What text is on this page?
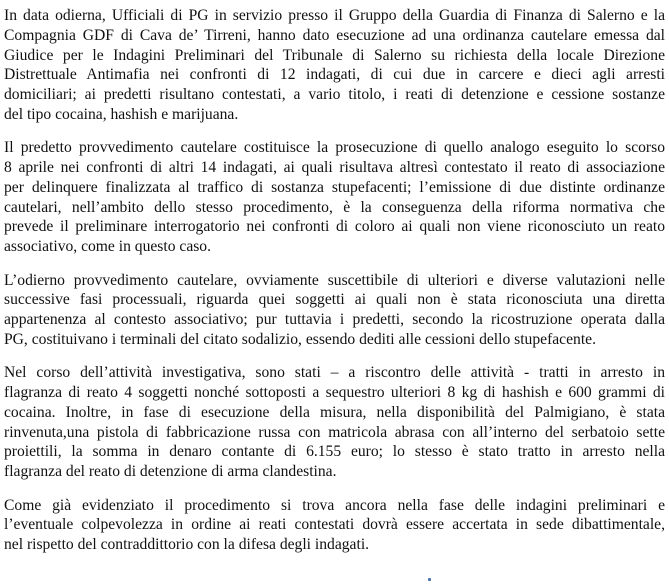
In data odierna, Ufficiali di PG in servizio presso il Gruppo della Guardia di Finanza di Salerno e la
Compagnia GDF di Cava de’ Tirreni, hanno dato esecuzione ad una ordinanza cautelare emessa dal
Giudice per le Indagini Preliminari del Tribunale di Salerno su richiesta della locale Direzione
Distrettuale Antimafia nei confronti di 12 indagati, di cui due in carcere e dieci agli arresti
domiciliari; ai predetti risultano contestati, a vario titolo, i reati di detenzione e cessione sostanze
del tipo cocaina, hashish e marijuana.

Il predetto provvedimento cautelare costituisce la prosecuzione di quello analogo eseguito lo scorso
8 aprile nei confronti di altri 14 indagati, ai quali risultava altresì contestato il reato di associazione
per delinquere finalizzata al traffico di sostanza stupefacenti; l’emissione di due distinte ordinanze
cautelari, nell’ambito dello stesso procedimento, è la conseguenza della riforma normativa che
prevede il preliminare interrogatorio nei confronti di coloro ai quali non viene riconosciuto un reato
associativo, come in questo caso.

L’odierno provvedimento cautelare, ovviamente suscettibile di ulteriori e diverse valutazioni nelle
successive fasi processuali, riguarda quei soggetti ai quali non è stata riconosciuta una diretta
appartenenza al contesto associativo; pur tuttavia i predetti, secondo la ricostruzione operata dalla
PG, costituivano i terminali del citato sodalizio, essendo dediti alle cessioni dello stupefacente.

Nel corso dell’attività investigativa, sono stati – a riscontro delle attività - tratti in arresto in
flagranza di reato 4 soggetti nonché sottoposti a sequestro ulteriori 8 kg di hashish e 600 grammi di
cocaina. Inoltre, in fase di esecuzione della misura, nella disponibilità del Palmigiano, è stata
rinvenuta,una pistola di fabbricazione russa con matricola abrasa con all’interno del serbatoio sette
proiettili, la somma in denaro contante di 6.155 euro; lo stesso è stato tratto in arresto nella
flagranza del reato di detenzione di arma clandestina.

Come già evidenziato il procedimento si trova ancora nella fase delle indagini preliminari e
l’eventuale colpevolezza in ordine ai reati contestati dovrà essere accertata in sede dibattimentale,
nel rispetto del contraddittorio con la difesa degli indagati.
